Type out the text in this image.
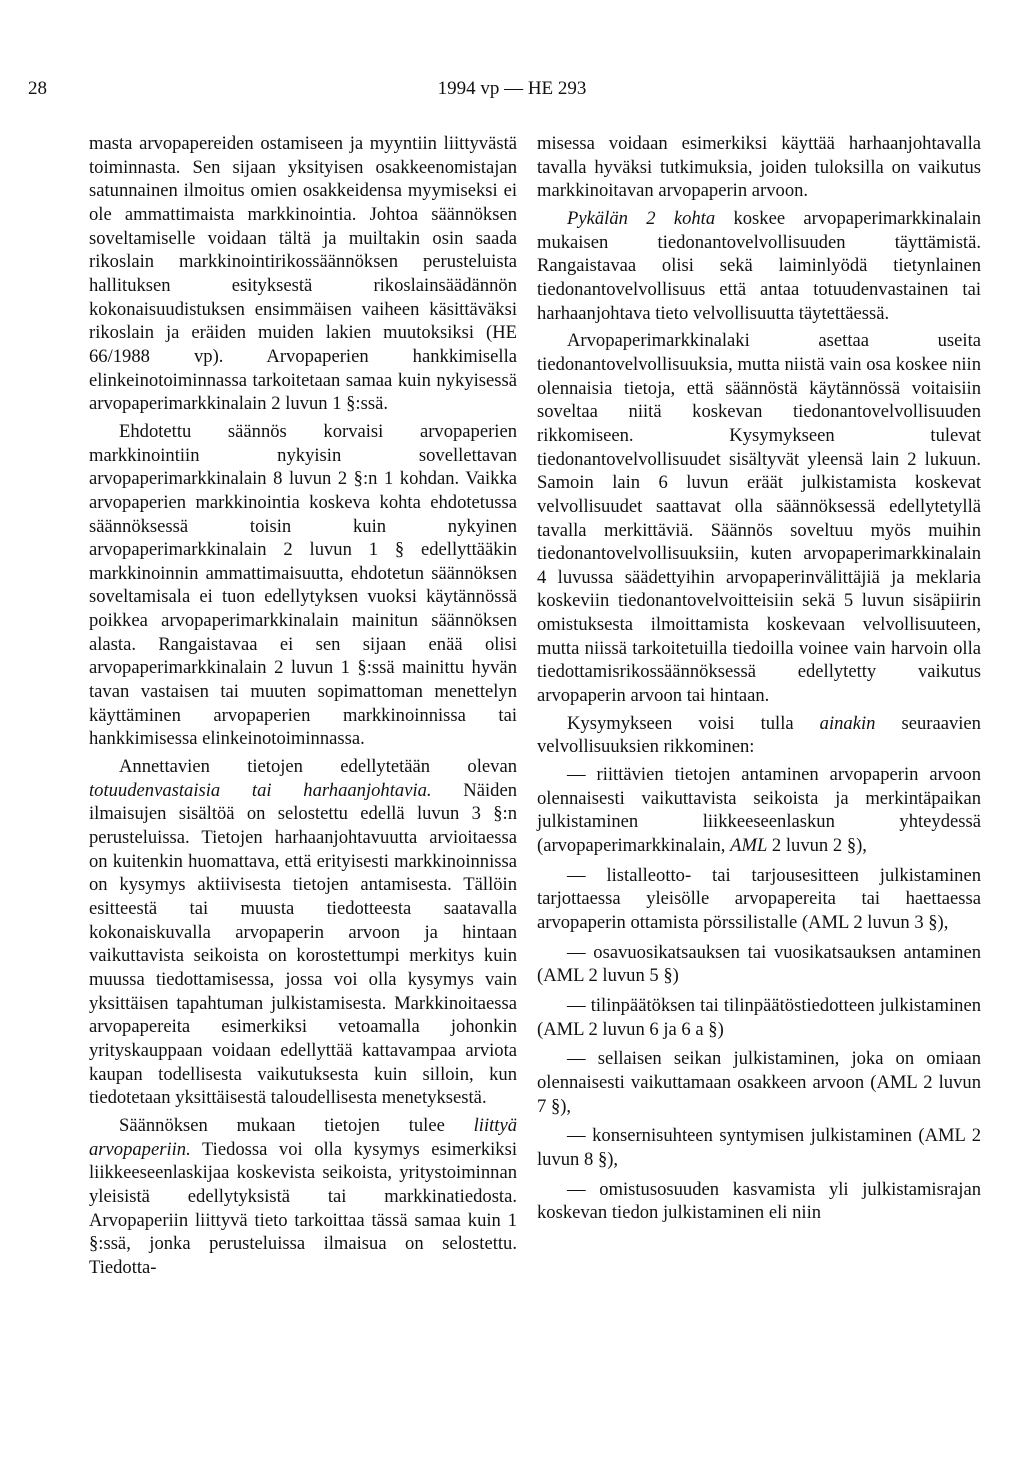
28	1994 vp — HE 293

masta arvopapereiden ostamiseen ja myyntiin liittyvästä toiminnasta. Sen sijaan yksityisen osakkeenomistajan satunnainen ilmoitus omien osakkeidensa myymiseksi ei ole ammattimaista markkinointia. Johtoa säännöksen soveltamiselle voidaan tältä ja muiltakin osin saada rikoslain markkinointirikossäännöksen perusteluista hallituksen esityksestä rikoslainsäädännön kokonaisuudistuksen ensimmäisen vaiheen käsittäväksi rikoslain ja eräiden muiden lakien muutoksiksi (HE 66/1988 vp). Arvopaperien hankkimisella elinkeinotoiminnassa tarkoitetaan samaa kuin nykyisessä arvopaperimarkkinalain 2 luvun 1 §:ssä.

Ehdotettu säännös korvaisi arvopaperien markkinointiin nykyisin sovellettavan arvopaperimarkkinalain 8 luvun 2 §:n 1 kohdan. Vaikka arvopaperien markkinointia koskeva kohta ehdotetussa säännöksessä toisin kuin nykyinen arvopaperimarkkinalain 2 luvun 1 § edellyttääkin markkinoinnin ammattimaisuutta, ehdotetun säännöksen soveltamisala ei tuon edellytyksen vuoksi käytännössä poikkea arvopaperimarkkinalain mainitun säännöksen alasta. Rangaistavaa ei sen sijaan enää olisi arvopaperimarkkinalain 2 luvun 1 §:ssä mainittu hyvän tavan vastaisen tai muuten sopimattoman menettelyn käyttäminen arvopaperien markkinoinnissa tai hankkimisessa elinkeinotoiminnassa.

Annettavien tietojen edellytetään olevan totuudenvastaisia tai harhaanjohtavia. Näiden ilmaisujen sisältöä on selostettu edellä luvun 3 §:n perusteluissa. Tietojen harhaanjohtavuutta arvioitaessa on kuitenkin huomattava, että erityisesti markkinoinnissa on kysymys aktiivisesta tietojen antamisesta. Tällöin esitteestä tai muusta tiedotteesta saatavalla kokonaiskuvalla arvopaperin arvoon ja hintaan vaikuttavista seikoista on korostettumpi merkitys kuin muussa tiedottamisessa, jossa voi olla kysymys vain yksittäisen tapahtuman julkistamisesta. Markkinoitaessa arvopapereita esimerkiksi vetoamalla johonkin yrityskauppaan voidaan edellyttää kattavampaa arviota kaupan todellisesta vaikutuksesta kuin silloin, kun tiedotetaan yksittäisestä taloudellisesta menetyksestä.

Säännöksen mukaan tietojen tulee liittyä arvopaperiin. Tiedossa voi olla kysymys esimerkiksi liikkeeseenlaskijaa koskevista seikoista, yritystoiminnan yleisistä edellytyksistä tai markkinatiedosta. Arvopaperiin liittyvä tieto tarkoittaa tässä samaa kuin 1 §:ssä, jonka perusteluissa ilmaisua on selostettu. Tiedotta-

misessa voidaan esimerkiksi käyttää harhaanjohtavalla tavalla hyväksi tutkimuksia, joiden tuloksilla on vaikutus markkinoitavan arvopaperin arvoon.

Pykälän 2 kohta koskee arvopaperimarkkinalain mukaisen tiedonantovelvollisuuden täyttämistä. Rangaistavaa olisi sekä laiminlyödä tietynlainen tiedonantovelvollisuus että antaa totuudenvastainen tai harhaanjohtava tieto velvollisuutta täytettäessä.

Arvopaperimarkkinalaki asettaa useita tiedonantovelvollisuuksia, mutta niistä vain osa koskee niin olennaisia tietoja, että säännöstä käytännössä voitaisiin soveltaa niitä koskevan tiedonantovelvollisuuden rikkomiseen. Kysymykseen tulevat tiedonantovelvollisuudet sisältyvät yleensä lain 2 lukuun. Samoin lain 6 luvun eräät julkistamista koskevat velvollisuudet saattavat olla säännöksessä edellytetyllä tavalla merkittäviä. Säännös soveltuu myös muihin tiedonantovelvollisuuksiin, kuten arvopaperimarkkinalain 4 luvussa säädettyihin arvopaperinvälittäjiä ja meklaria koskeviin tiedonantovelvoitteisiin sekä 5 luvun sisäpiirin omistuksesta ilmoittamista koskevaan velvollisuuteen, mutta niissä tarkoitetuilla tiedoilla voinee vain harvoin olla tiedottamisrikossäännöksessä edellytetty vaikutus arvopaperin arvoon tai hintaan.

Kysymykseen voisi tulla ainakin seuraavien velvollisuuksien rikkominen:

— riittävien tietojen antaminen arvopaperin arvoon olennaisesti vaikuttavista seikoista ja merkintäpaikan julkistaminen liikkeeseenlaskun yhteydessä (arvopaperimarkkinalain, AML 2 luvun 2 §),

— listalleotto- tai tarjousesitteen julkistaminen tarjottaessa yleisölle arvopapereita tai haettaessa arvopaperin ottamista pörssilistalle (AML 2 luvun 3 §),

— osavuosikatsauksen tai vuosikatsauksen antaminen (AML 2 luvun 5 §)

— tilinpäätöksen tai tilinpäätöstiedotteen julkistaminen (AML 2 luvun 6 ja 6 a §)

— sellaisen seikan julkistaminen, joka on omiaan olennaisesti vaikuttamaan osakkeen arvoon (AML 2 luvun 7 §),

— konsernisuhteen syntymisen julkistaminen (AML 2 luvun 8 §),

— omistusosuuden kasvamista yli julkistamisrajan koskevan tiedon julkistaminen eli niin
